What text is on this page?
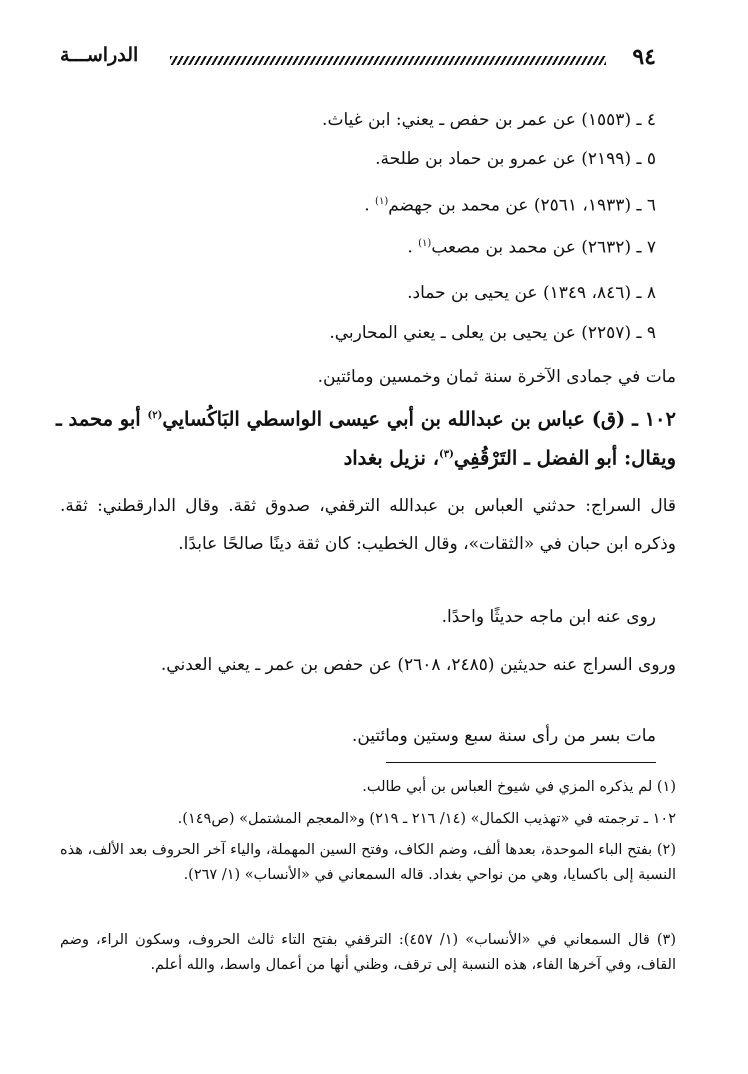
٩٤
الدراســـة
٤ ـ (١٥٥٣) عن عمر بن حفص ـ يعني: ابن غياث.
٥ ـ (٢١٩٩) عن عمرو بن حماد بن طلحة.
٦ ـ (١٩٣٣، ٢٥٦١) عن محمد بن جهضم$^{(١)}$ .
٧ ـ (٢٦٣٢) عن محمد بن مصعب$^{(١)}$ .
٨ ـ (٨٤٦، ١٣٤٩) عن يحيى بن حماد.
٩ ـ (٢٢٥٧) عن يحيى بن يعلى ـ يعني المحاربي.
مات في جمادى الآخرة سنة ثمان وخمسين ومائتين.
١٠٢ ـ (ق) عباس بن عبدالله بن أبي عيسى الواسطي البَاكُسايي$^{(٢)}$ أبو محمد ـ
ويقال: أبو الفضل ـ التَرْقُفِي$^{(٣)}$، نزيل بغداد
قال السراج: حدثني العباس بن عبدالله الترقفي، صدوق ثقة. وقال الدارقطني: ثقة. وذكره ابن حبان في «الثقات»، وقال الخطيب: كان ثقة دينًا صالحًا عابدًا.
روى عنه ابن ماجه حديثًا واحدًا.
وروى السراج عنه حديثين (٢٤٨٥، ٢٦٠٨) عن حفص بن عمر ـ يعني العدني.
مات بسر من رأى سنة سبع وستين ومائتين.
(١) لم يذكره المزي في شيوخ العباس بن أبي طالب.
١٠٢ ـ ترجمته في «تهذيب الكمال» (١٤/ ٢١٦ ـ ٢١٩) و«المعجم المشتمل» (ص١٤٩).
(٢) بفتح الباء الموحدة، بعدها ألف، وضم الكاف، وفتح السين المهملة، والياء آخر الحروف بعد الألف، هذه النسبة إلى باكسايا، وهي من نواحي بغداد. قاله السمعاني في «الأنساب» (١/ ٢٦٧).
(٣) قال السمعاني في «الأنساب» (١/ ٤٥٧): الترقفي بفتح التاء ثالث الحروف، وسكون الراء، وضم القاف، وفي آخرها الفاء، هذه النسبة إلى ترقف، وظني أنها من أعمال واسط، والله أعلم.
